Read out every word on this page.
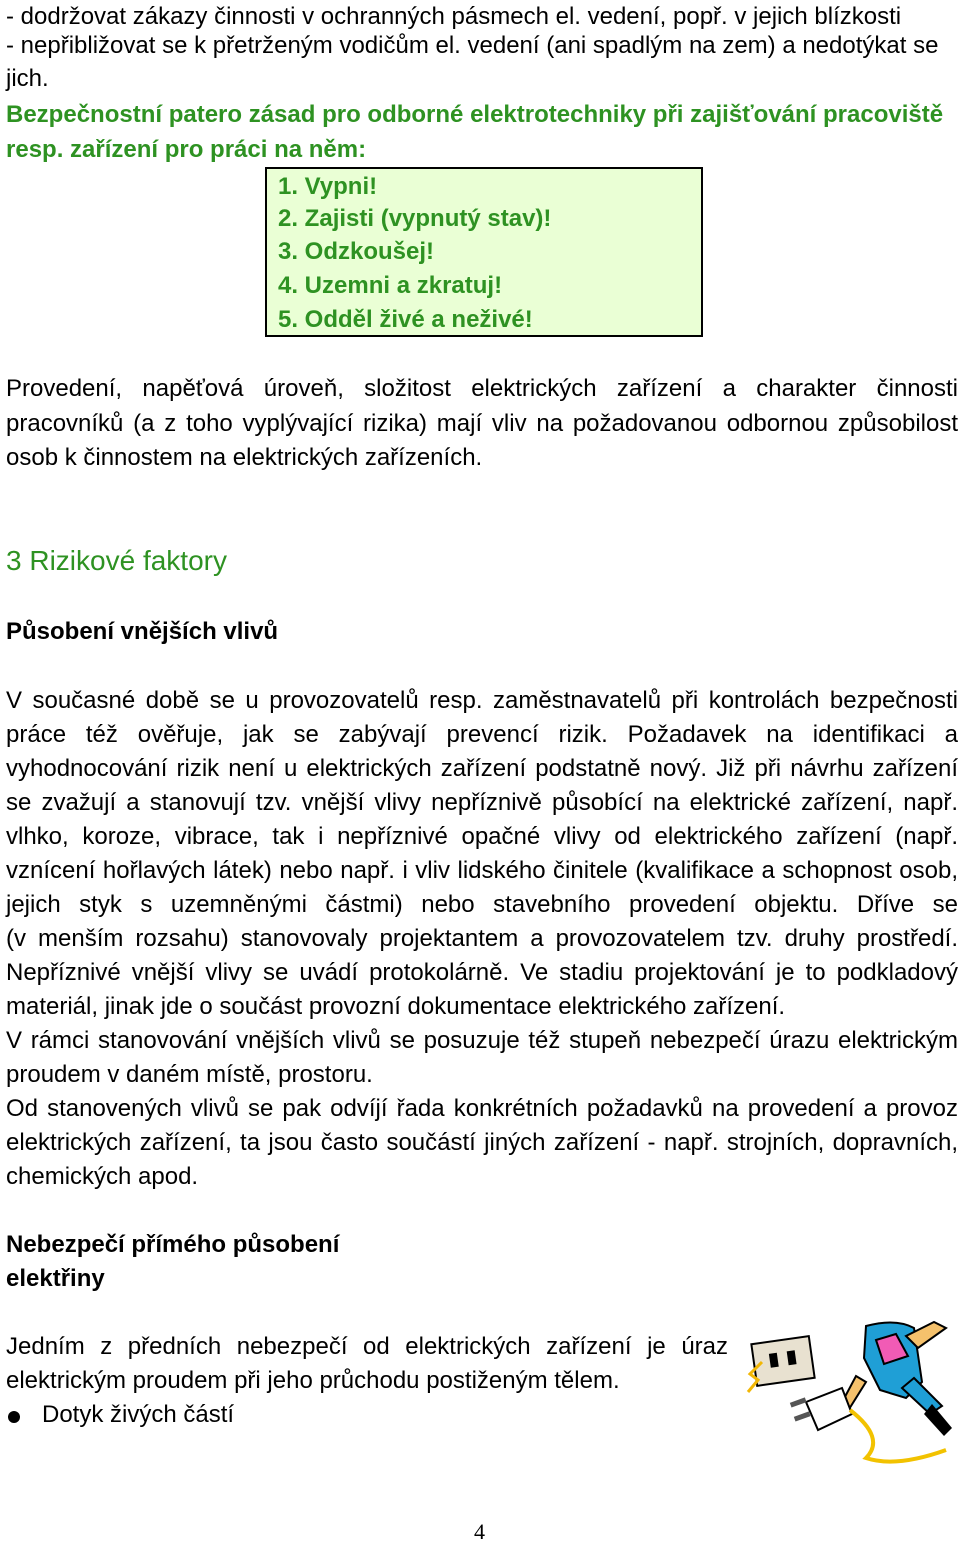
- dodržovat zákazy činnosti v ochranných pásmech el. vedení, popř. v jejich blízkosti
- nepřibližovat se k přetrženým vodičům el. vedení (ani spadlým na zem) a nedotýkat se
jich.
Bezpečnostní patero zásad pro odborné elektrotechniky při zajišťování pracoviště
resp. zařízení pro práci na něm:
1. Vypni!
2. Zajisti (vypnutý stav)!
3. Odzkoušej!
4. Uzemni a zkratuj!
5. Odděl živé a neživé!
Provedení, napěťová úroveň, složitost elektrických zařízení a charakter činnosti
pracovníků (a z toho vyplývající rizika) mají vliv na požadovanou odbornou způsobilost
osob k činnostem na elektrických zařízeních.
3 Rizikové faktory
Působení vnějších vlivů
V současné době se u provozovatelů resp. zaměstnavatelů při kontrolách bezpečnosti
práce též ověřuje, jak se zabývají prevencí rizik. Požadavek na identifikaci a
vyhodnocování rizik není u elektrických zařízení podstatně nový. Již při návrhu zařízení
se zvažují a stanovují tzv. vnější vlivy nepříznivě působící na elektrické zařízení, např.
vlhko, koroze, vibrace, tak i nepříznivé opačné vlivy od elektrického zařízení (např.
vznícení hořlavých látek) nebo např. i vliv lidského činitele (kvalifikace a schopnost osob,
jejich styk s uzemněnými částmi) nebo stavebního provedení objektu. Dříve se
(v menším rozsahu) stanovovaly projektantem a provozovatelem tzv. druhy prostředí.
Nepříznivé vnější vlivy se uvádí protokolárně. Ve stadiu projektování je to podkladový
materiál, jinak jde o součást provozní dokumentace elektrického zařízení.
V rámci stanovování vnějších vlivů se posuzuje též stupeň nebezpečí úrazu elektrickým
proudem v daném místě, prostoru.
Od stanovených vlivů se pak odvíjí řada konkrétních požadavků na provedení a provoz
elektrických zařízení, ta jsou často součástí jiných zařízení - např. strojních, dopravních,
chemických apod.
Nebezpečí přímého působení
elektřiny
Jedním z předních nebezpečí od elektrických zařízení je úraz
elektrickým proudem při jeho průchodu postiženým tělem.
Dotyk živých částí
4
